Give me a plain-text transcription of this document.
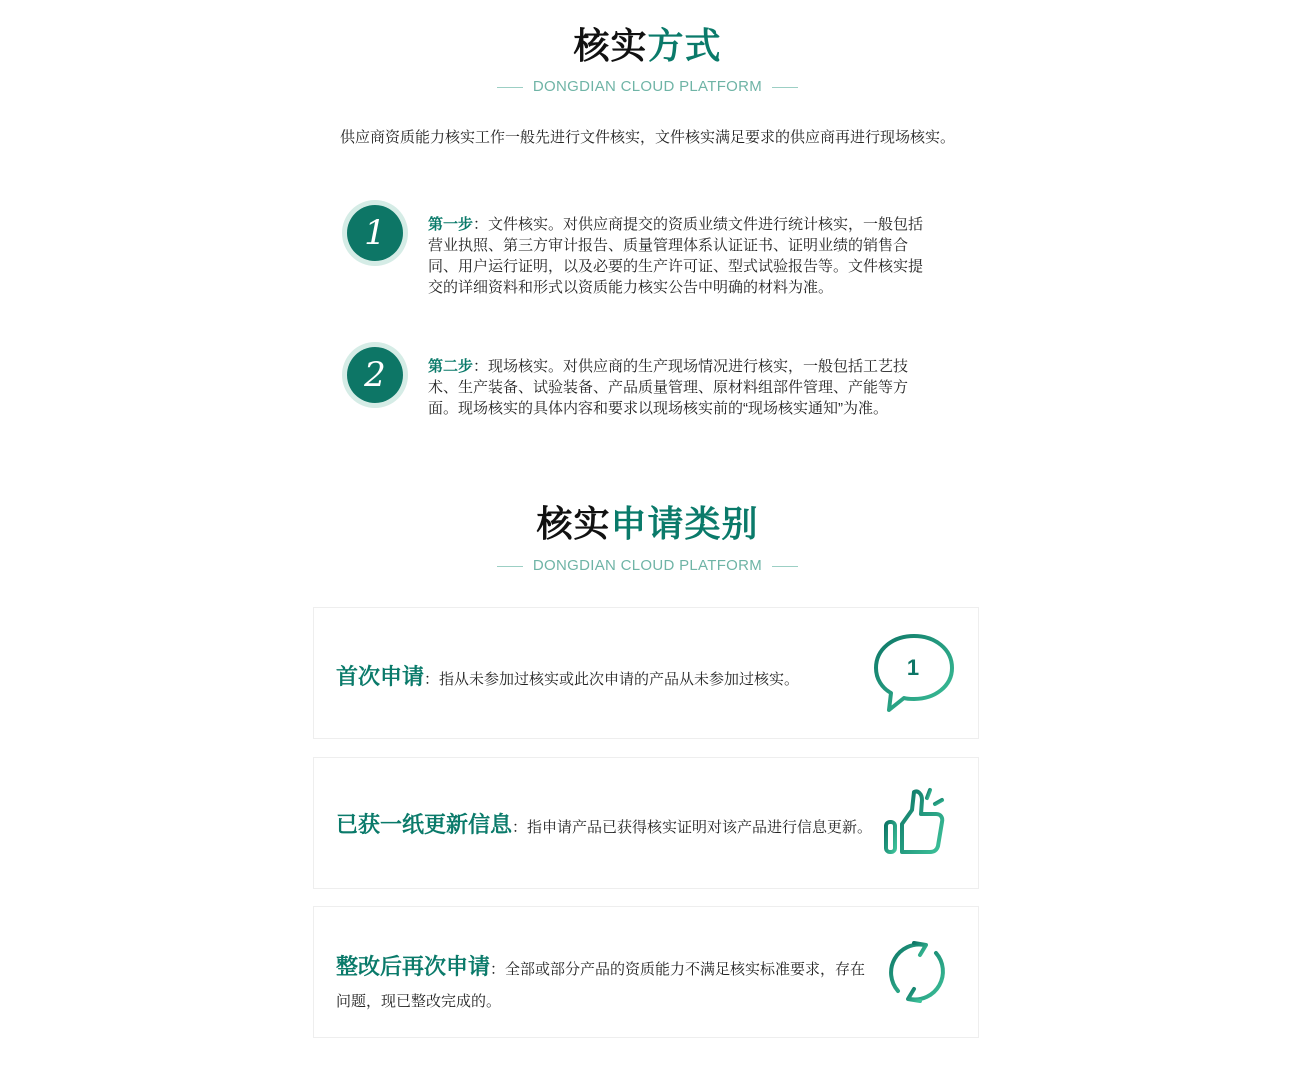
核实方式
DONGDIAN CLOUD PLATFORM
供应商资质能力核实工作一般先进行文件核实，文件核实满足要求的供应商再进行现场核实。
1	第一步：文件核实。对供应商提交的资质业绩文件进行统计核实，一般包括营业执照、第三方审计报告、质量管理体系认证证书、证明业绩的销售合同、用户运行证明，以及必要的生产许可证、型式试验报告等。文件核实提交的详细资料和形式以资质能力核实公告中明确的材料为准。
2	第二步：现场核实。对供应商的生产现场情况进行核实，一般包括工艺技术、生产装备、试验装备、产品质量管理、原材料组部件管理、产能等方面。现场核实的具体内容和要求以现场核实前的“现场核实通知”为准。
核实申请类别
DONGDIAN CLOUD PLATFORM
首次申请：指从未参加过核实或此次申请的产品从未参加过核实。	1
已获一纸更新信息：指申请产品已获得核实证明对该产品进行信息更新。
整改后再次申请：全部或部分产品的资质能力不满足核实标准要求，存在问题，现已整改完成的。
